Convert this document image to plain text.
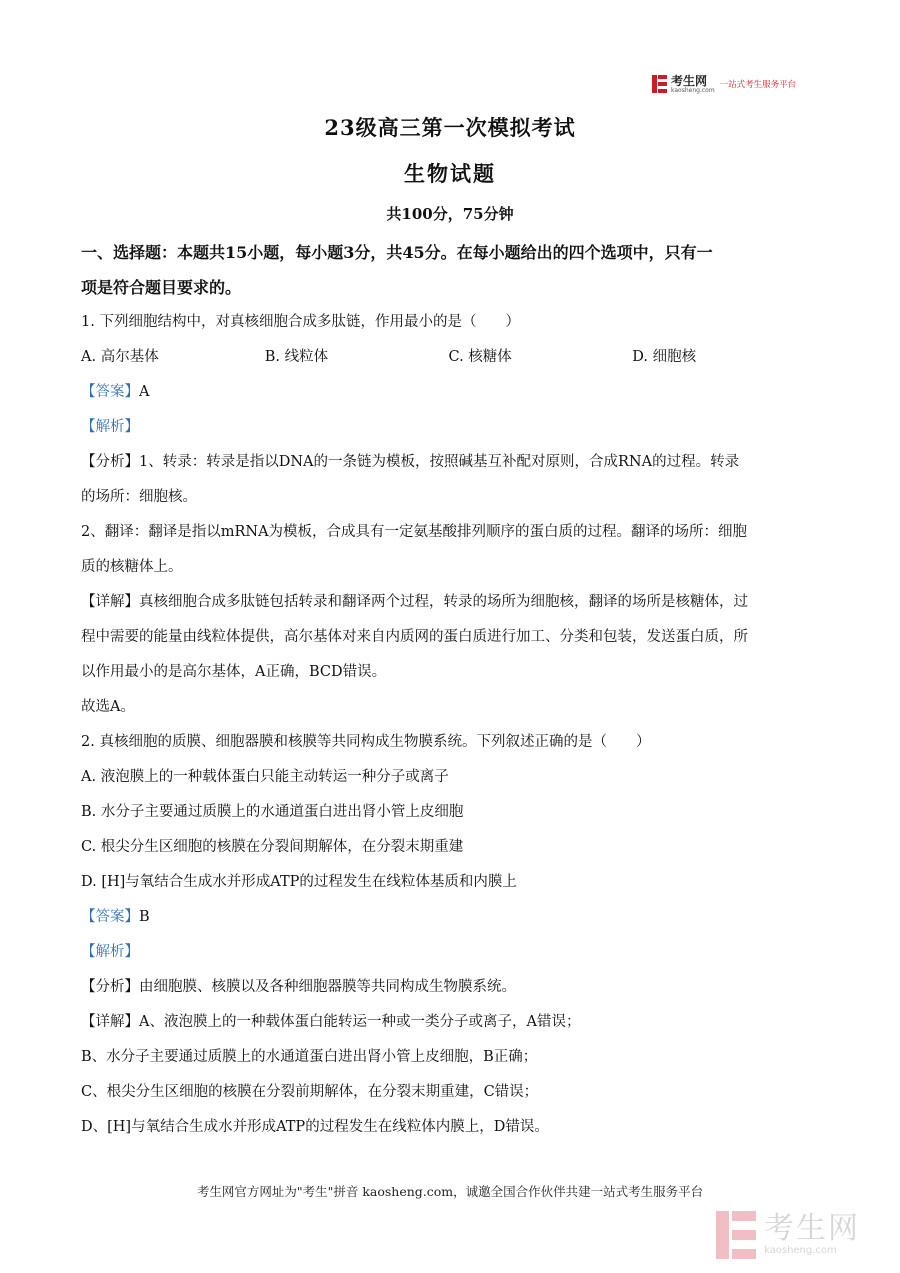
考生网
kaosheng.com 一站式考生服务平台
23级高三第一次模拟考试
生物试题
共100分，75分钟

一、选择题：本题共15小题，每小题3分，共45分。在每小题给出的四个选项中，只有一

项是符合题目要求的。

1. 下列细胞结构中，对真核细胞合成多肽链，作用最小的是（　　）

A. 高尔基体	B. 线粒体	C. 核糖体	D. 细胞核

【答案】A

【解析】

【分析】1、转录：转录是指以DNA的一条链为模板，按照碱基互补配对原则，合成RNA的过程。转录

的场所：细胞核。

2、翻译：翻译是指以mRNA为模板，合成具有一定氨基酸排列顺序的蛋白质的过程。翻译的场所：细胞

质的核糖体上。

【详解】真核细胞合成多肽链包括转录和翻译两个过程，转录的场所为细胞核，翻译的场所是核糖体，过

程中需要的能量由线粒体提供，高尔基体对来自内质网的蛋白质进行加工、分类和包装，发送蛋白质，所

以作用最小的是高尔基体，A正确，BCD错误。

故选A。

2. 真核细胞的质膜、细胞器膜和核膜等共同构成生物膜系统。下列叙述正确的是（　　）

A. 液泡膜上的一种载体蛋白只能主动转运一种分子或离子

B. 水分子主要通过质膜上的水通道蛋白进出肾小管上皮细胞

C. 根尖分生区细胞的核膜在分裂间期解体，在分裂末期重建

D. [H]与氧结合生成水并形成ATP的过程发生在线粒体基质和内膜上

【答案】B

【解析】

【分析】由细胞膜、核膜以及各种细胞器膜等共同构成生物膜系统。

【详解】A、液泡膜上的一种载体蛋白能转运一种或一类分子或离子，A错误；

B、水分子主要通过质膜上的水通道蛋白进出肾小管上皮细胞，B正确；

C、根尖分生区细胞的核膜在分裂前期解体，在分裂末期重建，C错误；

D、[H]与氧结合生成水并形成ATP的过程发生在线粒体内膜上，D错误。

考生网官方网址为"考生"拼音 kaosheng.com，诚邀全国合作伙伴共建一站式考生服务平台
考生网
kaosheng.com
